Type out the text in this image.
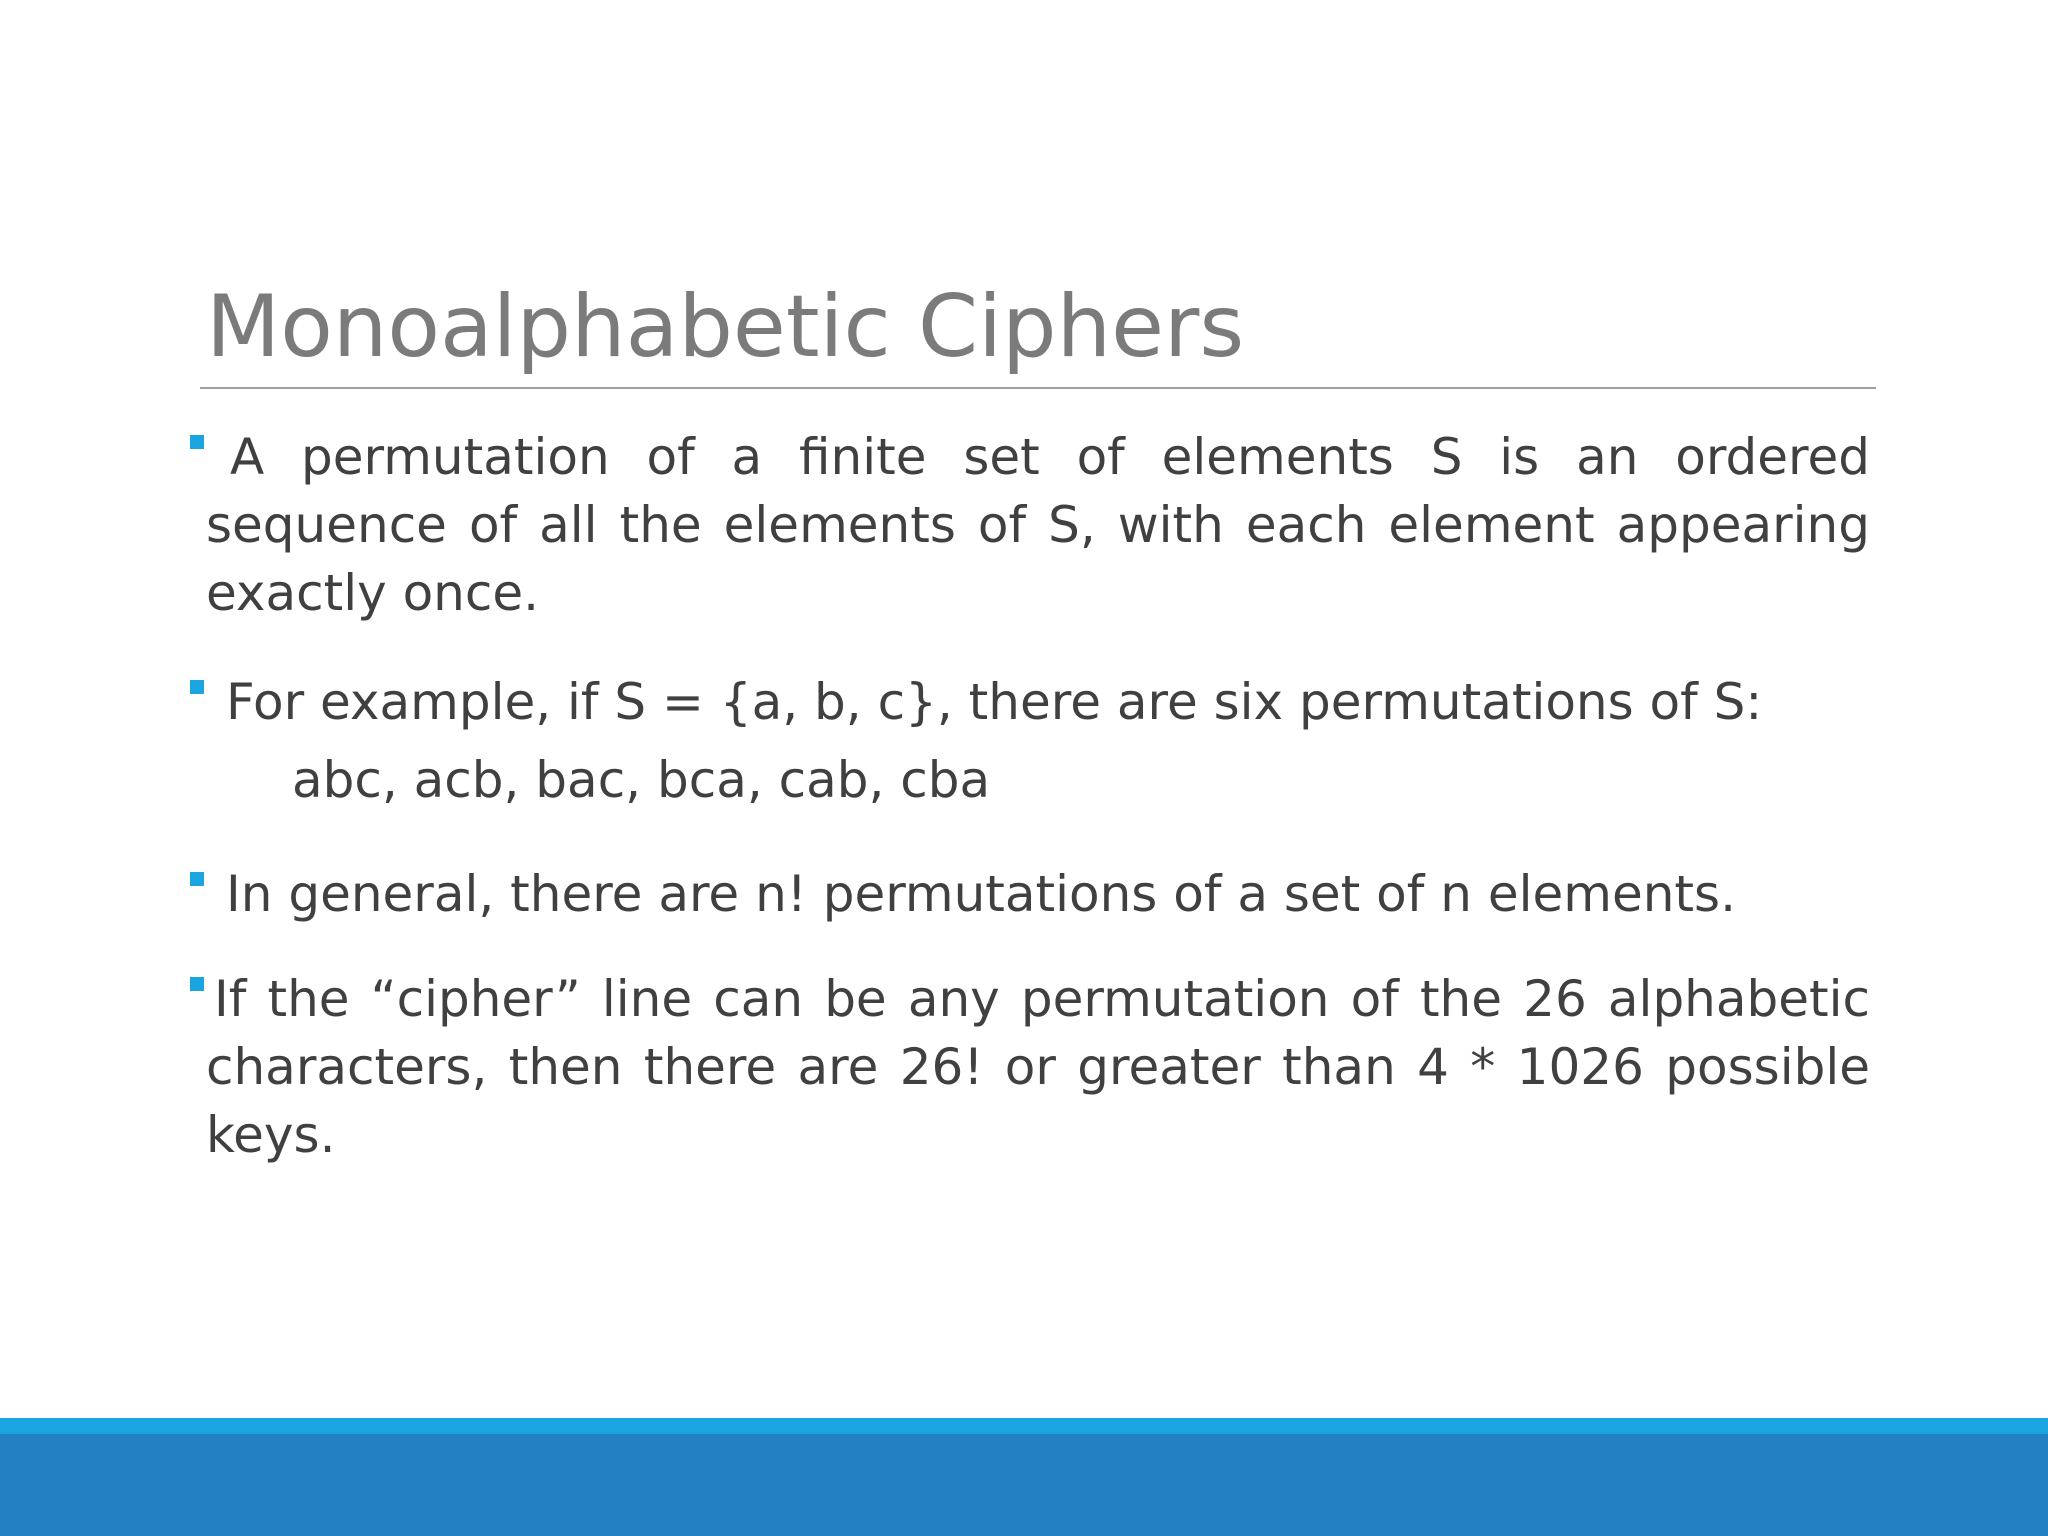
Monoalphabetic Ciphers
A permutation of a finite set of elements S is an ordered sequence of all the elements of S, with each element appearing exactly once.
For example, if S = {a, b, c}, there are six permutations of S:
abc, acb, bac, bca, cab, cba
In general, there are n! permutations of a set of n elements.
If the “cipher” line can be any permutation of the 26 alphabetic characters, then there are 26! or greater than 4 * 1026 possible keys.
